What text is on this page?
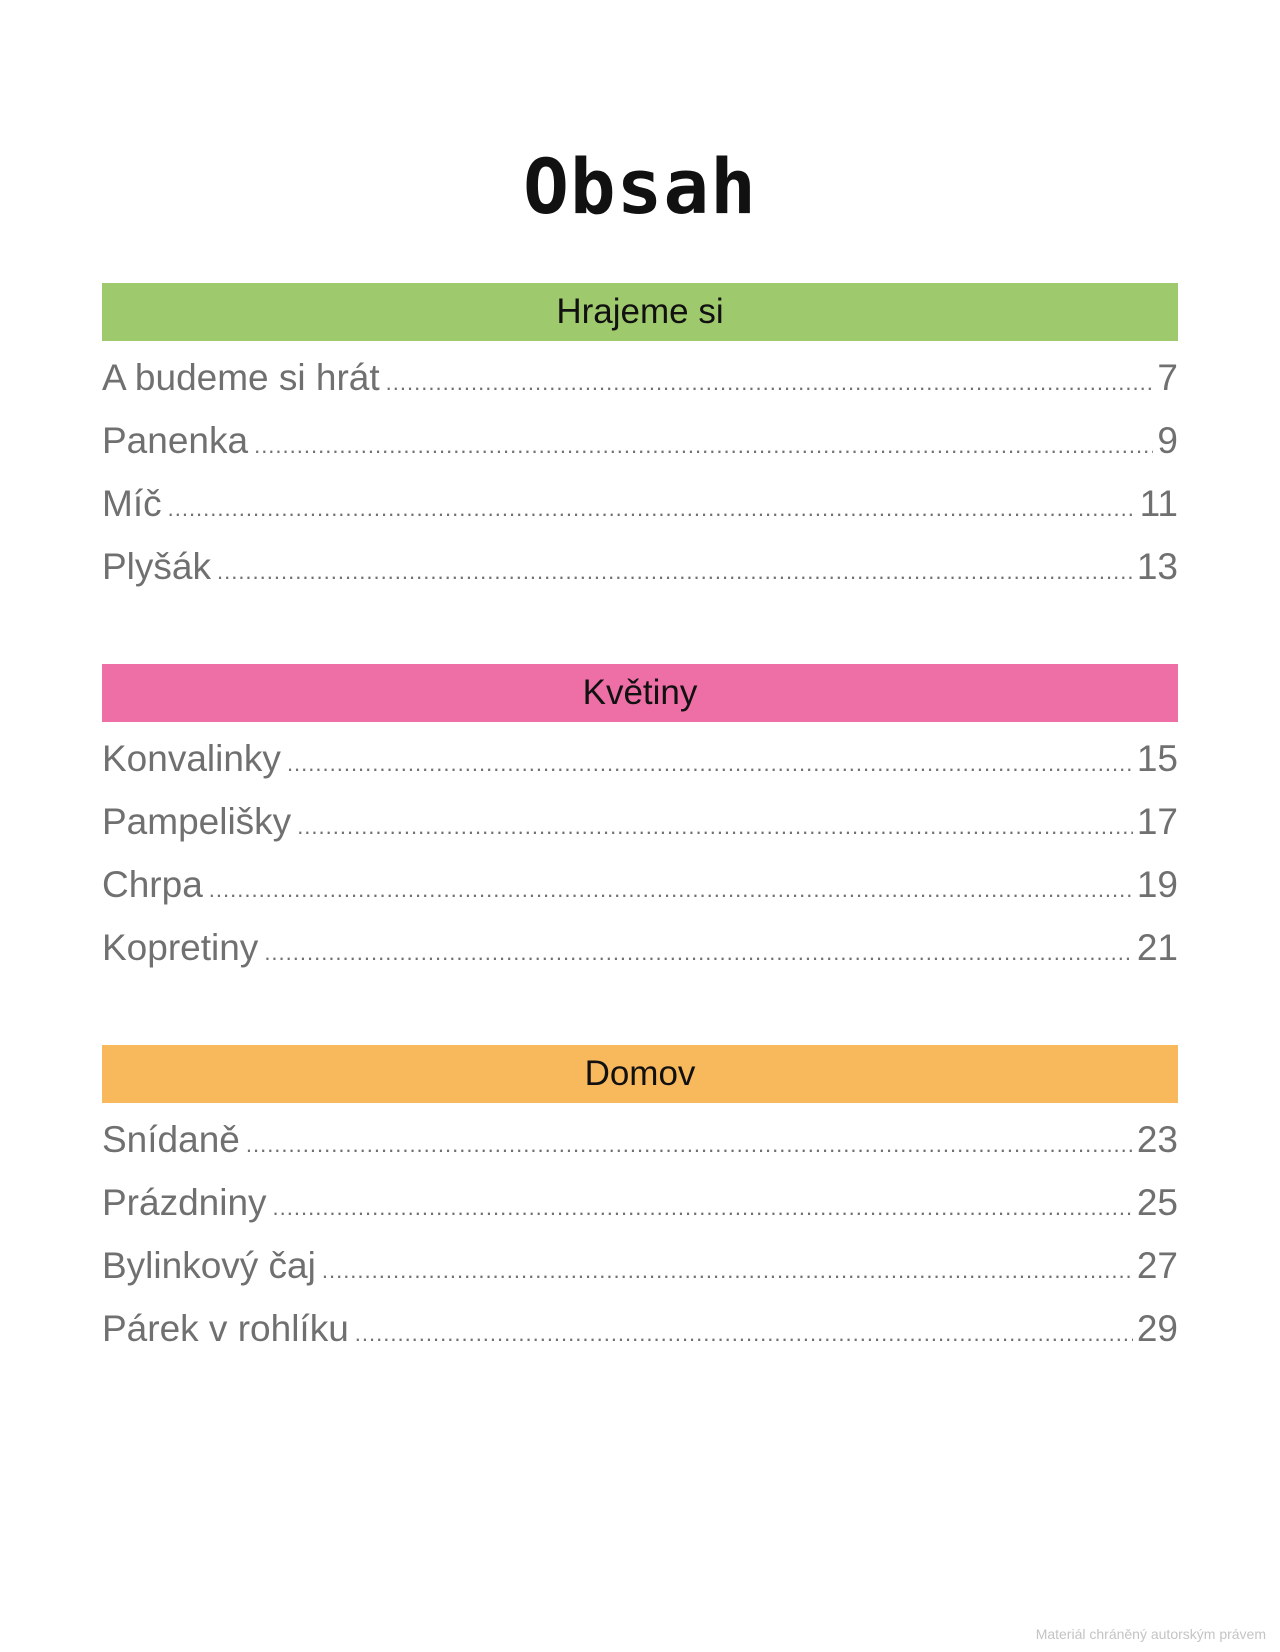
Obsah
Hrajeme si
A budeme si hrát .....	7
Panenka .....	9
Míč .....	11
Plyšák .....	13
Květiny
Konvalinky .....	15
Pampelišky .....	17
Chrpa .....	19
Kopretiny .....	21
Domov
Snídaně .....	23
Prázdniny .....	25
Bylinkový čaj .....	27
Párek v rohlíku .....	29
Materiál chráněný autorským právem
